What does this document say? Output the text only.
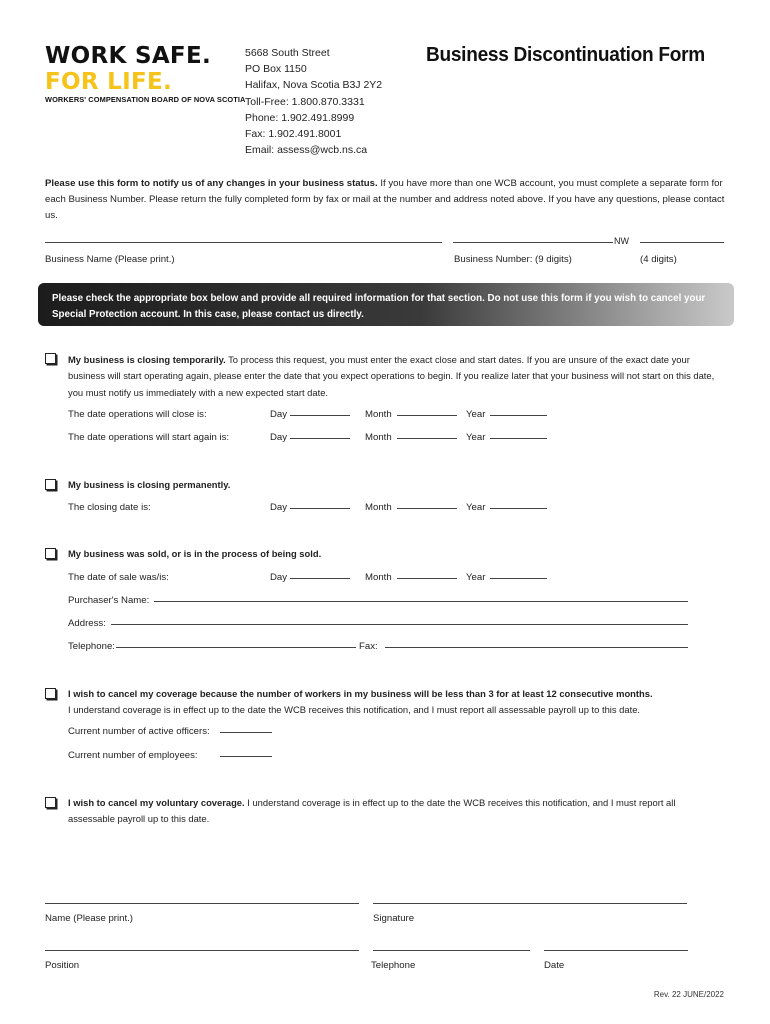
WORK SAFE.
FOR LIFE.
WORKERS' COMPENSATION BOARD OF NOVA SCOTIA
5668 South Street
PO Box 1150
Halifax, Nova Scotia B3J 2Y2
Toll-Free: 1.800.870.3331
Phone: 1.902.491.8999
Fax: 1.902.491.8001
Email: assess@wcb.ns.ca
Business Discontinuation Form
Please use this form to notify us of any changes in your business status. If you have more than one WCB account, you must complete a separate form for each Business Number. Please return the fully completed form by fax or mail at the number and address noted above. If you have any questions, please contact us.
NW
Business Name (Please print.)	Business Number: (9 digits)	(4 digits)
Please check the appropriate box below and provide all required information for that section. Do not use this form if you wish to cancel your Special Protection account. In this case, please contact us directly.
My business is closing temporarily. To process this request, you must enter the exact close and start dates. If you are unsure of the exact date your business will start operating again, please enter the date that you expect operations to begin. If you realize later that your business will not start on this date, you must notify us immediately with a new expected start date.
The date operations will close is:	Day	Month	Year
The date operations will start again is:	Day	Month	Year
My business is closing permanently.
The closing date is:	Day	Month	Year
My business was sold, or is in the process of being sold.
The date of sale was/is:	Day	Month	Year
Purchaser's Name:
Address:
Telephone:	Fax:
I wish to cancel my coverage because the number of workers in my business will be less than 3 for at least 12 consecutive months.
I understand coverage is in effect up to the date the WCB receives this notification, and I must report all assessable payroll up to this date.
Current number of active officers:
Current number of employees:
I wish to cancel my voluntary coverage. I understand coverage is in effect up to the date the WCB receives this notification, and I must report all assessable payroll up to this date.
Name (Please print.)	Signature
Position	Telephone	Date
Rev. 22 JUNE/2022
